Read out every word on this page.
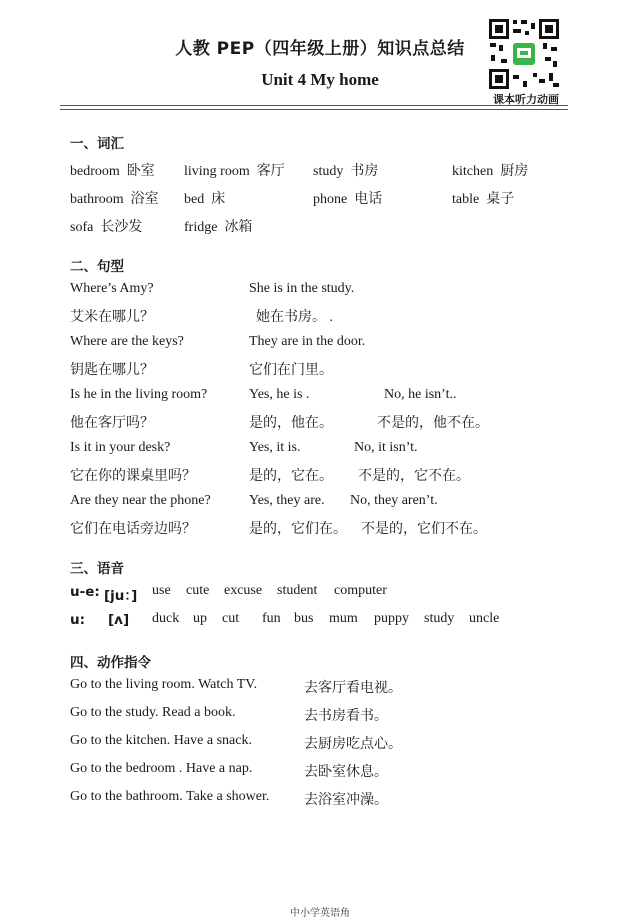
人教 PEP（四年级上册）知识点总结
Unit 4 My home
课本听力动画
一、词汇
bedroom 卧室 living room 客厅 study 书房	kitchen 厨房
bathroom 浴室 bed 床	phone 电话	table 桌子
sofa 长沙发	fridge 冰箱
二、句型
Where’s Amy?	She is in the study.
艾米在哪儿？	她在书房。 .
Where are the keys?	They are in the door.
钥匙在哪儿？	它们在门里。
Is he in the living room?	Yes, he is .	No, he isn’t..
他在客厅吗？	是的，他在。	不是的，他不在。
Is it in your desk?	Yes, it is.	No, it isn’t.
它在你的课桌里吗？	是的，它在。 不是的，它不在。
Are they near the phone?	Yes, they are. No, they aren’t.
它们在电话旁边吗？	是的，它们在。 不是的，它们不在。
三、语音
u-e: [ju：] use cute excuse student computer
u: [ʌ] duck up cut fun bus mum puppy study uncle
四、动作指令
Go to the living room. Watch TV.	去客厅看电视。
Go to the study. Read a book.	去书房看书。
Go to the kitchen. Have a snack.	去厨房吃点心。
Go to the bedroom . Have a nap.	去卧室休息。
Go to the bathroom. Take a shower. 去浴室冲澡。
中小学英语角
